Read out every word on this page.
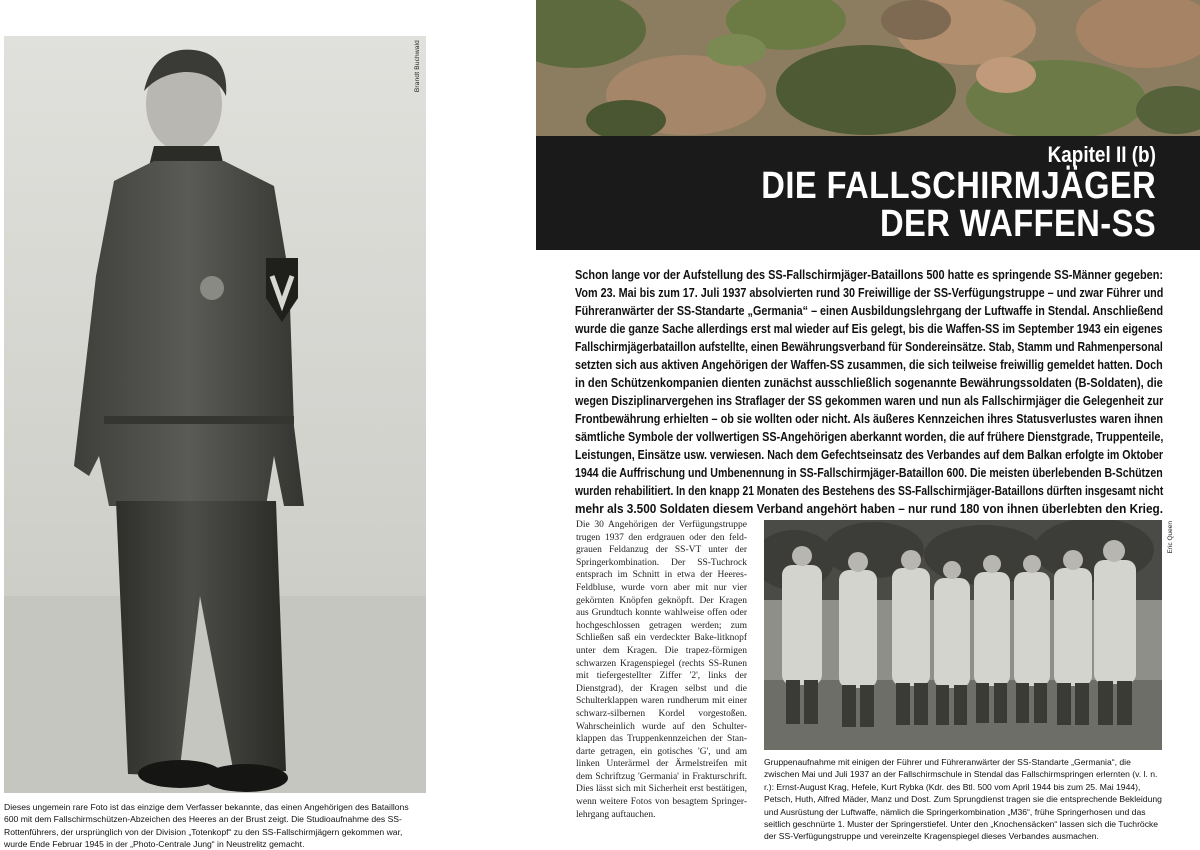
Brandt Buchwald
Dieses ungemein rare Foto ist das einzige dem Verfasser bekannte, das einen Angehörigen des Bataillons 600 mit dem Fallschirmschützen-Abzeichen des Heeres an der Brust zeigt. Die Studioaufnahme des SS-Rottenführers, der ursprünglich von der Division „Totenkopf“ zu den SS-Fallschirmjägern gekommen war, wurde Ende Februar 1945 in der „Photo-Centrale Jung“ in Neustrelitz gemacht.
Kapitel II (b)
DIE FALLSCHIRMJÄGER
DER WAFFEN-SS
Schon lange vor der Aufstellung des SS-Fallschirmjäger-Bataillons 500 hatte es springende SS-Männer gegeben:
Vom 23. Mai bis zum 17. Juli 1937 absolvierten rund 30 Freiwillige der SS-Verfügungstruppe – und zwar Führer und
Führeranwärter der SS-Standarte „Germania“ – einen Ausbildungslehrgang der Luftwaffe in Stendal. Anschließend
wurde die ganze Sache allerdings erst mal wieder auf Eis gelegt, bis die Waffen-SS im September 1943 ein eigenes
Fallschirmjägerbataillon aufstellte, einen Bewährungsverband für Sondereinsätze. Stab, Stamm und Rahmenpersonal
setzten sich aus aktiven Angehörigen der Waffen-SS zusammen, die sich teilweise freiwillig gemeldet hatten. Doch
in den Schützenkompanien dienten zunächst ausschließlich sogenannte Bewährungssoldaten (B-Soldaten), die
wegen Disziplinarvergehen ins Straflager der SS gekommen waren und nun als Fallschirmjäger die Gelegenheit zur
Frontbewährung erhielten – ob sie wollten oder nicht. Als äußeres Kennzeichen ihres Statusverlustes waren ihnen
sämtliche Symbole der vollwertigen SS-Angehörigen aberkannt worden, die auf frühere Dienstgrade, Truppenteile,
Leistungen, Einsätze usw. verwiesen. Nach dem Gefechtseinsatz des Verbandes auf dem Balkan erfolgte im Oktober
1944 die Auffrischung und Umbenennung in SS-Fallschirmjäger-Bataillon 600. Die meisten überlebenden B-Schützen
wurden rehabilitiert. In den knapp 21 Monaten des Bestehens des SS-Fallschirmjäger-Bataillons dürften insgesamt nicht
mehr als 3.500 Soldaten diesem Verband angehört haben – nur rund 180 von ihnen überlebten den Krieg.
Die 30 Angehörigen der Verfügungstruppe trugen 1937 den erdgrauen oder den feld-grauen Feldanzug der SS-VT unter der Springerkombination. Der SS-Tuchrock entsprach im Schnitt in etwa der Heeres-Feldbluse, wurde vorn aber mit nur vier gekörnten Knöpfen geknöpft. Der Kragen aus Grundtuch konnte wahlweise offen oder hochgeschlossen getragen werden; zum Schließen saß ein verdeckter Bake-litknopf unter dem Kragen. Die trapez-förmigen schwarzen Kragenspiegel (rechts SS-Runen mit tiefergestellter Ziffer '2', links der Dienstgrad), der Kragen selbst und die Schulterklappen waren rundherum mit einer schwarz-silbernen Kordel vorgestoßen. Wahrscheinlich wurde auf den Schulter-klappen das Truppenkennzeichen der Stan-darte getragen, ein gotisches 'G', und am linken Unterärmel der Ärmelstreifen mit dem Schriftzug 'Germania' in Frakturschrift. Dies lässt sich mit Sicherheit erst bestätigen, wenn weitere Fotos von besagtem Springer-lehrgang auftauchen.
Eric Queen
Gruppenaufnahme mit einigen der Führer und Führeranwärter der SS-Standarte „Germania“, die zwischen Mai und Juli 1937 an der Fallschirmschule in Stendal das Fallschirmspringen erlernten (v. l. n. r.): Ernst-August Krag, Hefele, Kurt Rybka (Kdr. des Btl. 500 vom April 1944 bis zum 25. Mai 1944), Petsch, Huth, Alfred Mäder, Manz und Dost. Zum Sprungdienst tragen sie die entsprechende Bekleidung und Ausrüstung der Luftwaffe, nämlich die Springerkombination „M36“, frühe Springerhosen und das seitlich geschnürte 1. Muster der Springerstiefel. Unter den „Knochensäcken“ lassen sich die Tuchröcke der SS-Verfügungstruppe und vereinzelte Kragenspiegel dieses Verbandes ausmachen.
